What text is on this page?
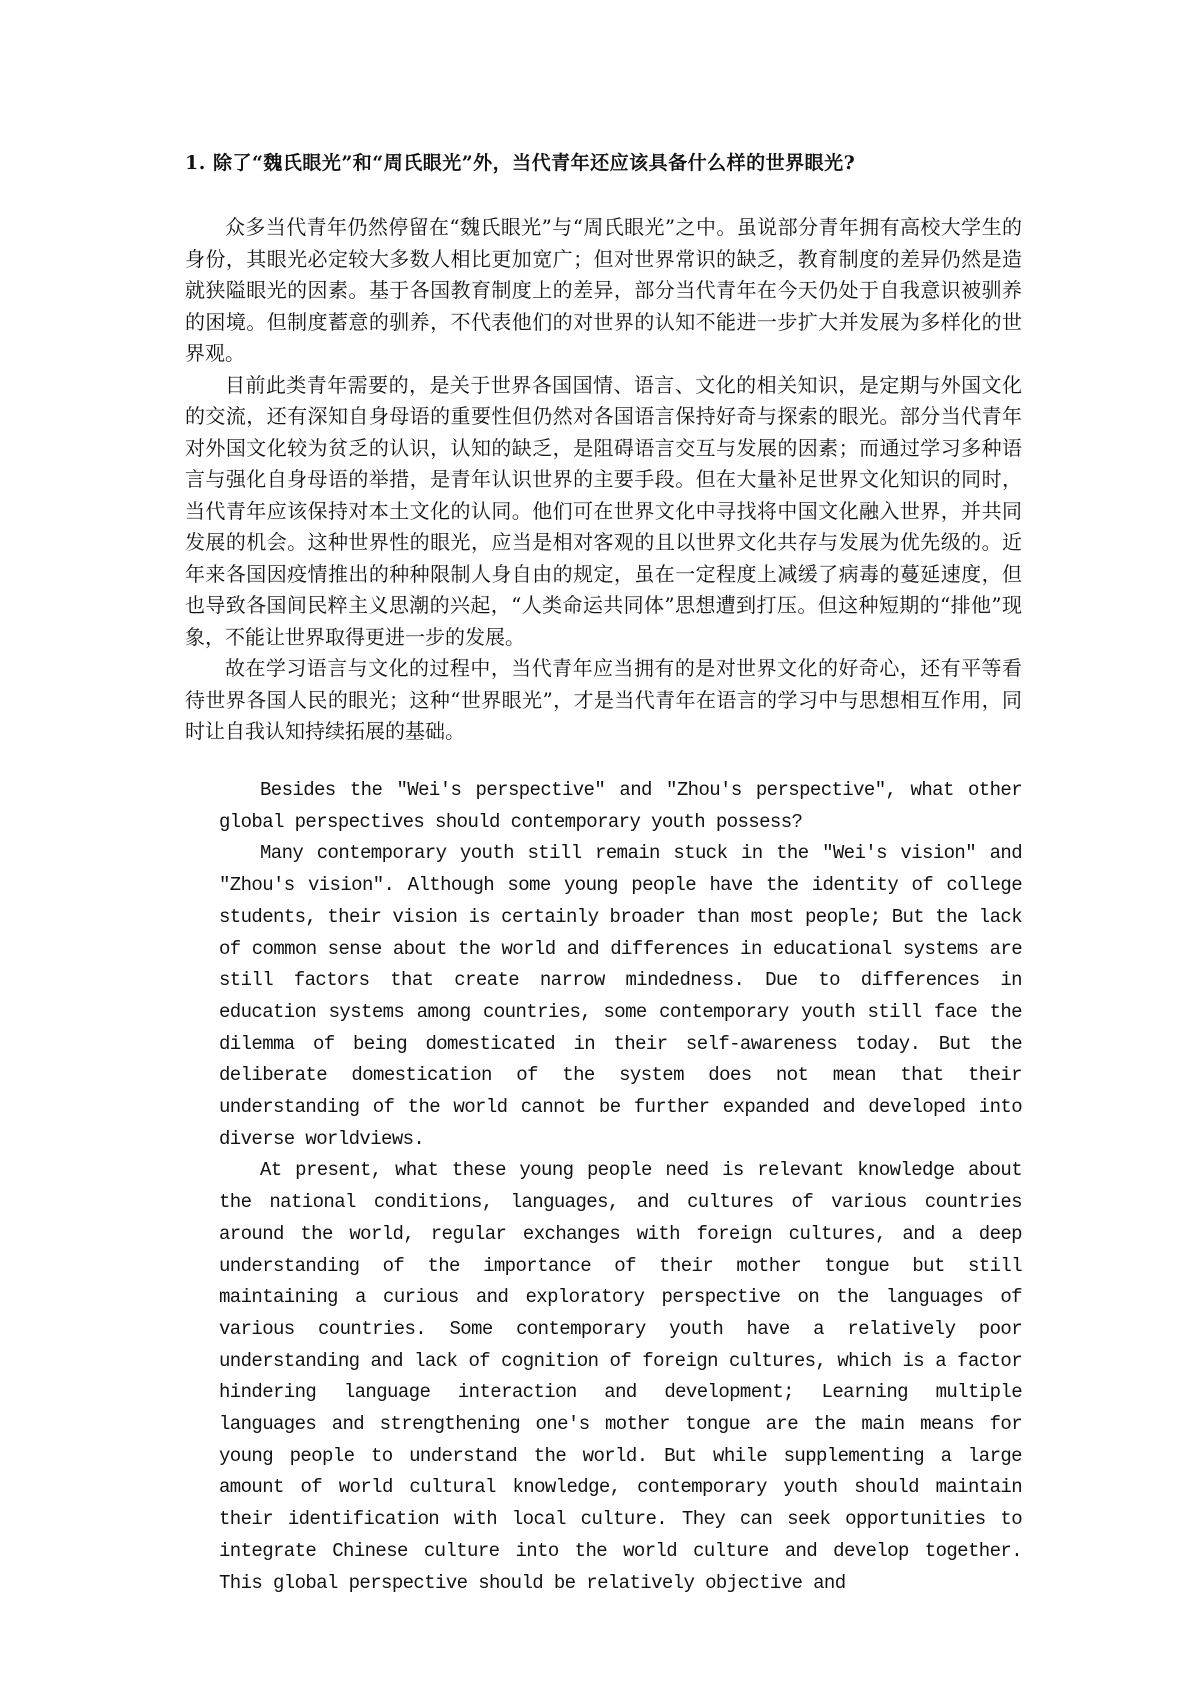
1. 除了“魏氏眼光”和“周氏眼光”外，当代青年还应该具备什么样的世界眼光?

众多当代青年仍然停留在“魏氏眼光”与“周氏眼光”之中。虽说部分青年拥有高校大学生的身份，其眼光必定较大多数人相比更加宽广；但对世界常识的缺乏，教育制度的差异仍然是造就狭隘眼光的因素。基于各国教育制度上的差异，部分当代青年在今天仍处于自我意识被驯养的困境。但制度蓄意的驯养，不代表他们的对世界的认知不能进一步扩大并发展为多样化的世界观。

目前此类青年需要的，是关于世界各国国情、语言、文化的相关知识，是定期与外国文化的交流，还有深知自身母语的重要性但仍然对各国语言保持好奇与探索的眼光。部分当代青年对外国文化较为贫乏的认识，认知的缺乏，是阻碍语言交互与发展的因素；而通过学习多种语言与强化自身母语的举措，是青年认识世界的主要手段。但在大量补足世界文化知识的同时，当代青年应该保持对本土文化的认同。他们可在世界文化中寻找将中国文化融入世界，并共同发展的机会。这种世界性的眼光，应当是相对客观的且以世界文化共存与发展为优先级的。近年来各国因疫情推出的种种限制人身自由的规定，虽在一定程度上减缓了病毒的蔓延速度，但也导致各国间民粹主义思潮的兴起，“人类命运共同体”思想遭到打压。但这种短期的“排他”现象，不能让世界取得更进一步的发展。

故在学习语言与文化的过程中，当代青年应当拥有的是对世界文化的好奇心，还有平等看待世界各国人民的眼光；这种“世界眼光”，才是当代青年在语言的学习中与思想相互作用，同时让自我认知持续拓展的基础。

Besides the "Wei's perspective" and "Zhou's perspective", what other global perspectives should contemporary youth possess?

Many contemporary youth still remain stuck in the "Wei's vision" and "Zhou's vision". Although some young people have the identity of college students, their vision is certainly broader than most people; But the lack of common sense about the world and differences in educational systems are still factors that create narrow mindedness. Due to differences in education systems among countries, some contemporary youth still face the dilemma of being domesticated in their self-awareness today. But the deliberate domestication of the system does not mean that their understanding of the world cannot be further expanded and developed into diverse worldviews.

At present, what these young people need is relevant knowledge about the national conditions, languages, and cultures of various countries around the world, regular exchanges with foreign cultures, and a deep understanding of the importance of their mother tongue but still maintaining a curious and exploratory perspective on the languages of various countries. Some contemporary youth have a relatively poor understanding and lack of cognition of foreign cultures, which is a factor hindering language interaction and development; Learning multiple languages and strengthening one's mother tongue are the main means for young people to understand the world. But while supplementing a large amount of world cultural knowledge, contemporary youth should maintain their identification with local culture. They can seek opportunities to integrate Chinese culture into the world culture and develop together. This global perspective should be relatively objective and
